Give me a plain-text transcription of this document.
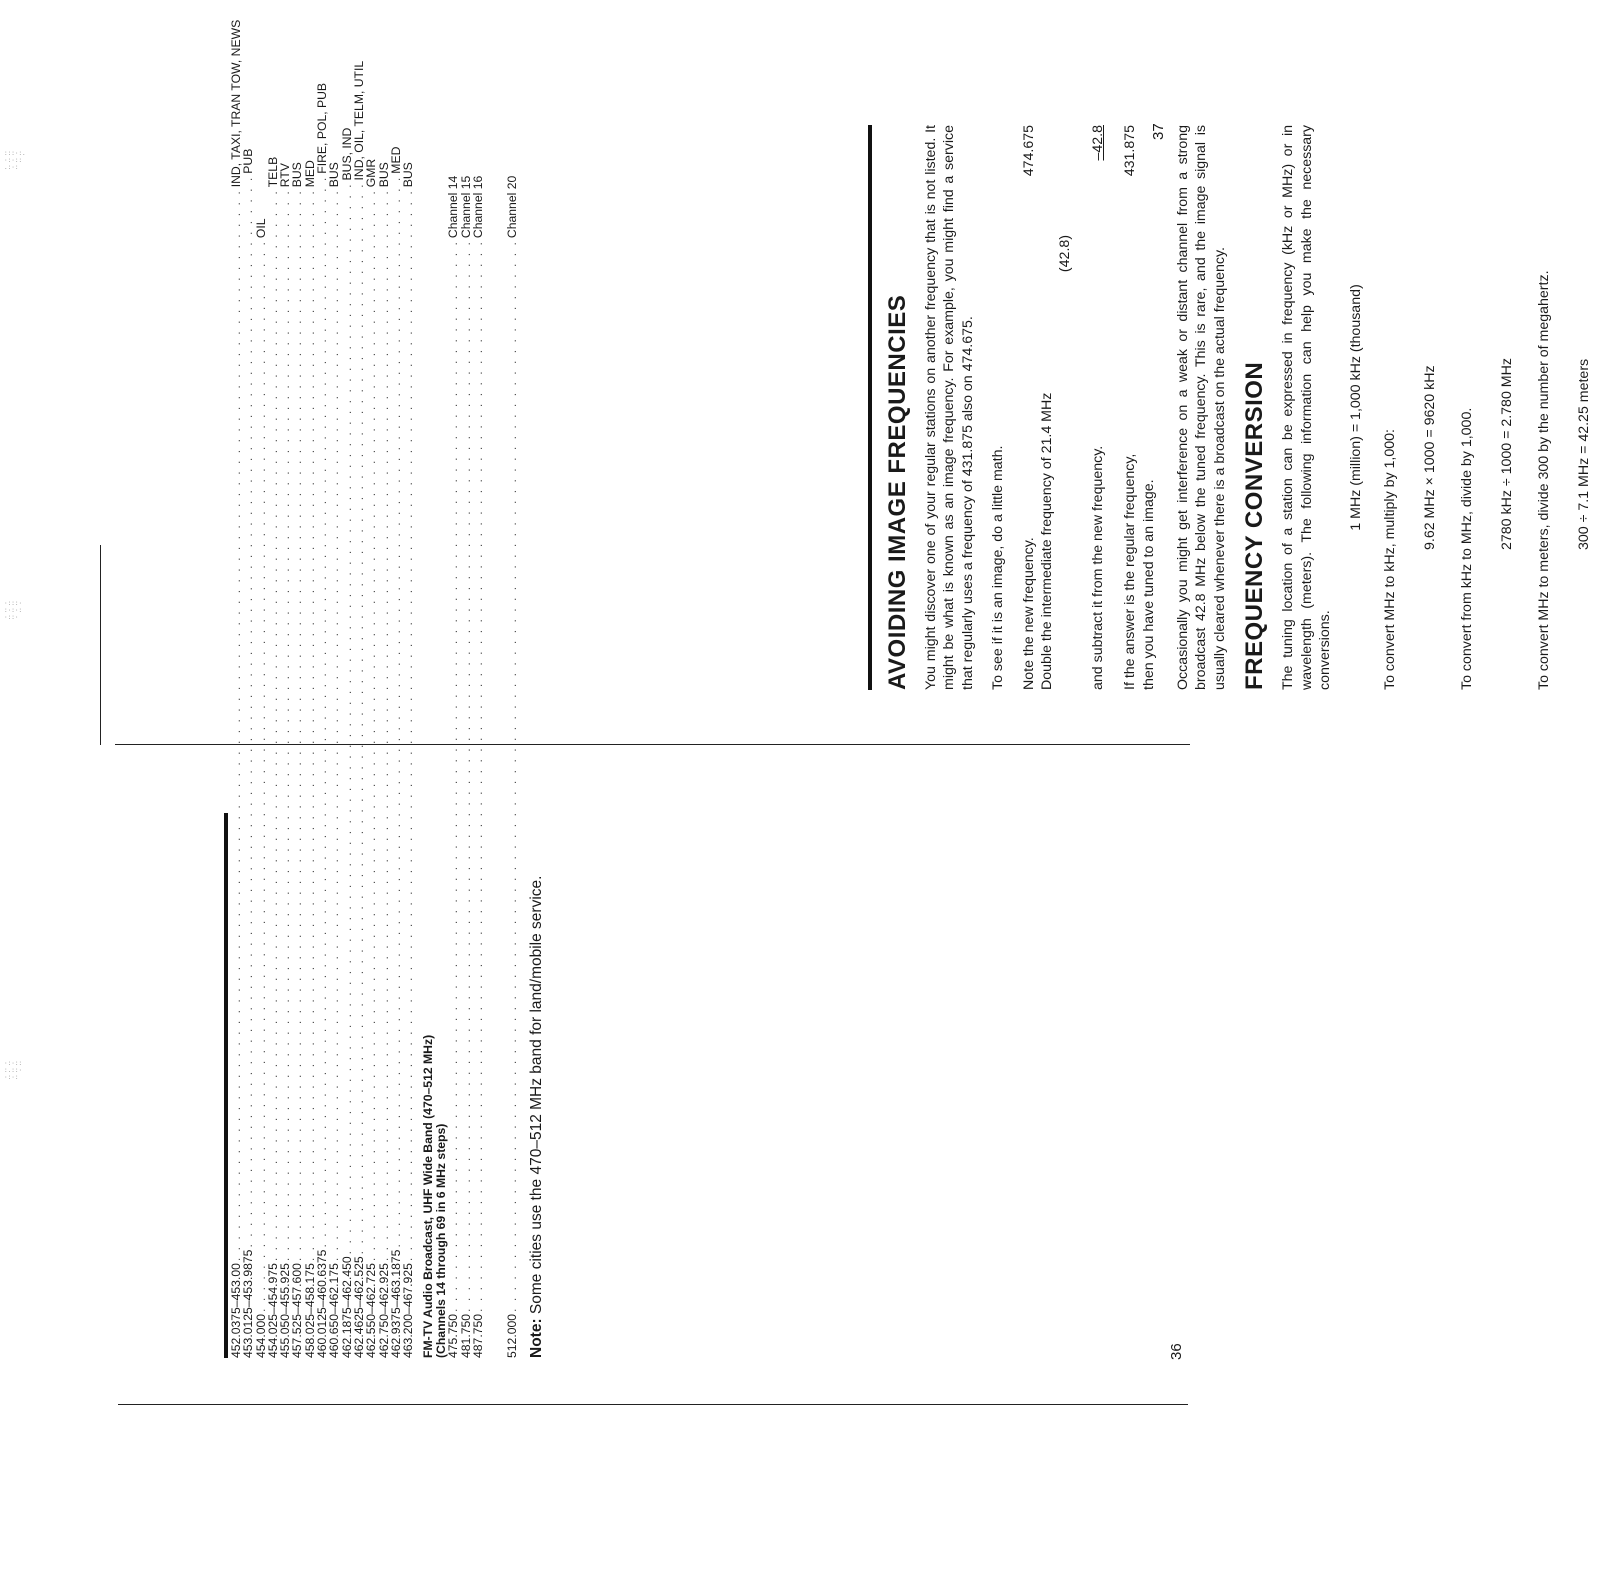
:::·:.
·:·::
.:·:
·:::·
:·:·:
·::·
·:·::
:.::·
·:·:
36
37
452.0375–453.00
. . .
IND, TAXI, TRAN TOW, NEWS
453.0125–453.9875
. . .
PUB
454.000
. . .
OIL
454.025–454.975
. . .
TELB
455.050–455.925
. . .
RTV
457.525–457.600
. . .
BUS
458.025–458.175
. . .
MED
460.0125–460.6375
. . .
FIRE, POL, PUB
460.650–462.175
. . .
BUS
462.1875–462.450
. . .
BUS, IND
462.4625–462.525
. . .
IND, OIL, TELM, UTIL
462.550–462.725
. . .
GMR
462.750–462.925
. . .
BUS
462.9375–463.1875
. . .
MED
463.200–467.925
. . .
BUS
FM-TV Audio Broadcast, UHF Wide Band (470–512 MHz)
(Channels 14 through 69 in 6 MHz steps)
475.750
. . .
Channel 14
481.750
. . .
Channel 15
487.750
. . .
Channel 16
512.000
. . .
Channel 20
Note: Some cities use the 470–512 MHz band for land/mobile service.
AVOIDING IMAGE FREQUENCIES You might discover one of your regular stations on another frequency that is not listed. It might be what is known as an image frequency. For example, you might find a service that regularly uses a frequency of 431.875 also on 474.675. To see if it is an image, do a little math. Note the new frequency.
474.675
Double the intermediate frequency of 21.4 MHz
(42.8)
and subtract it from the new frequency.
–42.8
If the answer is the regular frequency,
431.875
then you have tuned to an image. Occasionally you might get interference on a weak or distant channel from a strong broadcast 42.8 MHz below the tuned frequency. This is rare, and the image signal is usually cleared whenever there is a broadcast on the actual frequency. FREQUENCY CONVERSION The tuning location of a station can be expressed in frequency (kHz or MHz) or in wavelength (meters). The following information can help you make the necessary conversions.

1 MHz (million) = 1,000 kHz (thousand)
To convert MHz to kHz, multiply by 1,000: 9.62 MHz × 1000 = 9620 kHz To convert from kHz to MHz, divide by 1,000. 2780 kHz ÷ 1000 = 2.780 MHz To convert MHz to meters, divide 300 by the number of megahertz. 300 ÷ 7.1 MHz = 42.25 meters
